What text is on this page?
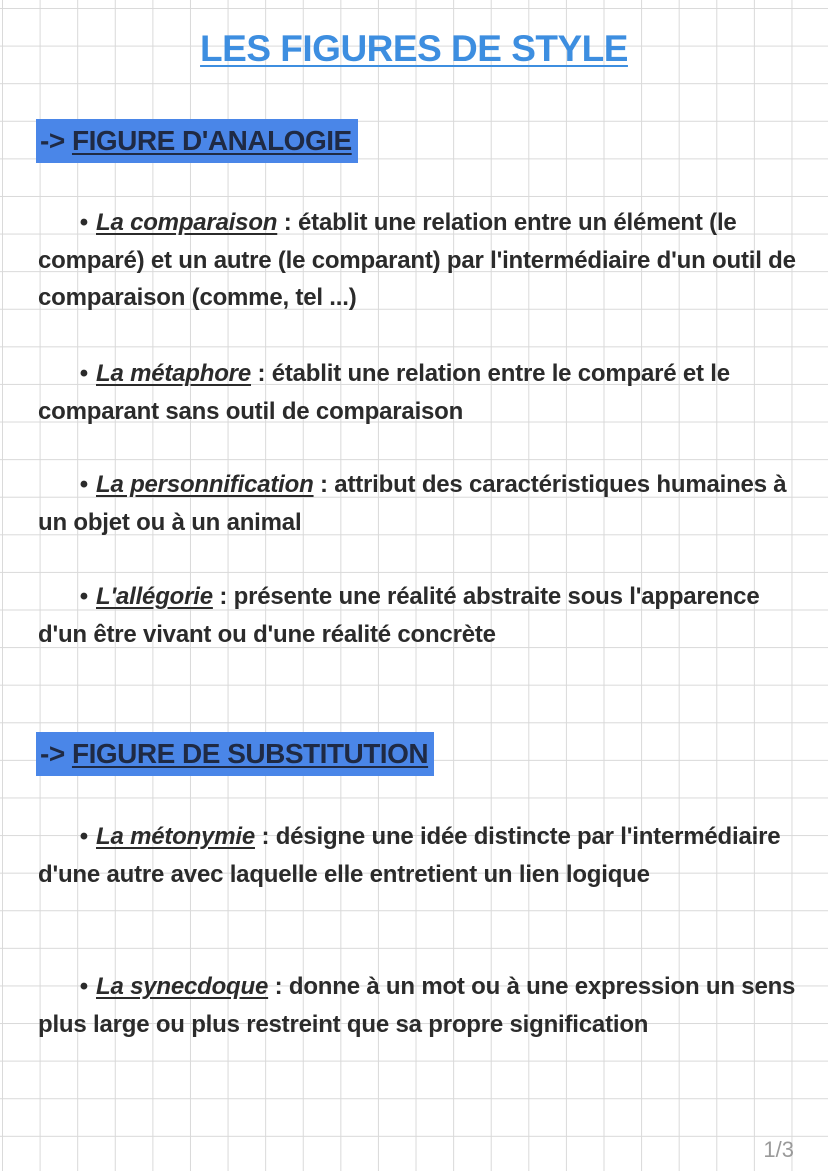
LES FIGURES DE STYLE
-> FIGURE D'ANALOGIE
• La comparaison : établit une relation entre un élément (le comparé) et un autre (le comparant) par l'intermédiaire d'un outil de comparaison (comme, tel ...)
• La métaphore : établit une relation entre le comparé et le comparant sans outil de comparaison
• La personnification : attribut des caractéristiques humaines à un objet ou à un animal
• L'allégorie : présente une réalité abstraite sous l'apparence d'un être vivant ou d'une réalité concrète
-> FIGURE DE SUBSTITUTION
• La métonymie : désigne une idée distincte par l'intermédiaire d'une autre avec laquelle elle entretient un lien logique
• La synecdoque : donne à un mot ou à une expression un sens plus large ou plus restreint que sa propre signification
1/3
